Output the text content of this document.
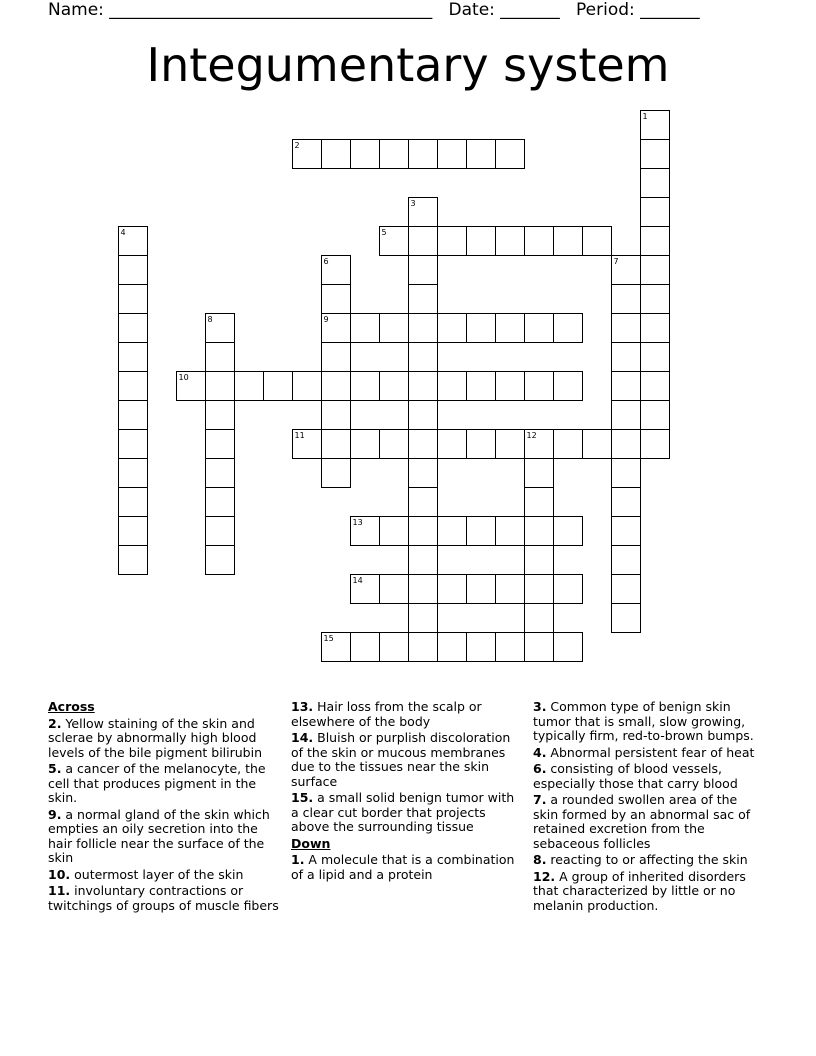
Name: ______________________________________ Date: _______ Period: _______
Integumentary system
1
2
3
4	5
6
9
7
8
10
11	12
13
14
15
Across
2. Yellow staining of the skin and sclerae by abnormally high blood levels of the bile pigment bilirubin
5. a cancer of the melanocyte, the cell that produces pigment in the skin.
9. a normal gland of the skin which empties an oily secretion into the hair follicle near the surface of the skin
10. outermost layer of the skin
11. involuntary contractions or twitchings of groups of muscle fibers
13. Hair loss from the scalp or elsewhere of the body
14. Bluish or purplish discoloration of the skin or mucous membranes due to the tissues near the skin surface
15. a small solid benign tumor with a clear cut border that projects above the surrounding tissue
Down
1. A molecule that is a combination of a lipid and a protein
3. Common type of benign skin tumor that is small, slow growing, typically firm, red-to-brown bumps.
4. Abnormal persistent fear of heat
6. consisting of blood vessels, especially those that carry blood
7. a rounded swollen area of the skin formed by an abnormal sac of retained excretion from the sebaceous follicles
8. reacting to or affecting the skin
12. A group of inherited disorders that characterized by little or no melanin production.
